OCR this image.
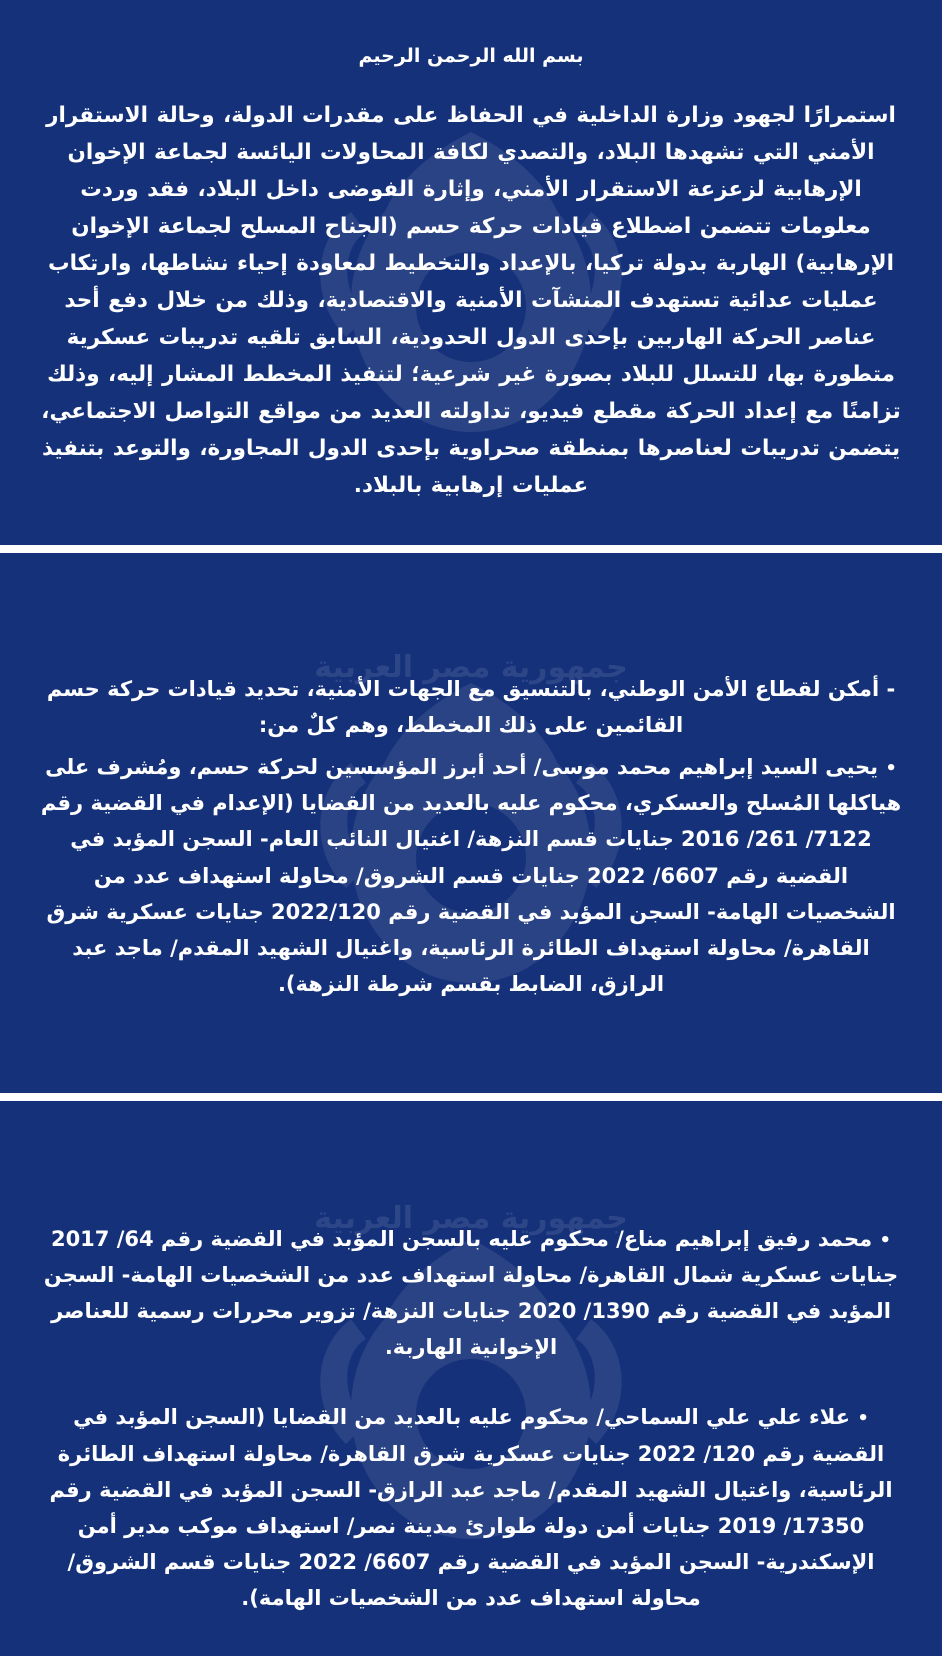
بسم الله الرحمن الرحيم

استمرارًا لجهود وزارة الداخلية في الحفاظ على مقدرات الدولة، وحالة الاستقرار الأمني التي تشهدها البلاد، والتصدي لكافة المحاولات اليائسة لجماعة الإخوان الإرهابية لزعزعة الاستقرار الأمني، وإثارة الفوضى داخل البلاد، فقد وردت معلومات تتضمن اضطلاع قيادات حركة حسم (الجناح المسلح لجماعة الإخوان الإرهابية) الهاربة بدولة تركيا، بالإعداد والتخطيط لمعاودة إحياء نشاطها، وارتكاب عمليات عدائية تستهدف المنشآت الأمنية والاقتصادية، وذلك من خلال دفع أحد عناصر الحركة الهاربين بإحدى الدول الحدودية، السابق تلقيه تدريبات عسكرية متطورة بها، للتسلل للبلاد بصورة غير شرعية؛ لتنفيذ المخطط المشار إليه، وذلك تزامنًا مع إعداد الحركة مقطع فيديو، تداولته العديد من مواقع التواصل الاجتماعي، يتضمن تدريبات لعناصرها بمنطقة صحراوية بإحدى الدول المجاورة، والتوعد بتنفيذ عمليات إرهابية بالبلاد.

جمهورية مصر العربية

- أمكن لقطاع الأمن الوطني، بالتنسيق مع الجهات الأمنية، تحديد قيادات حركة حسم القائمين على ذلك المخطط، وهم كلٌ من:

• يحيى السيد إبراهيم محمد موسى/ أحد أبرز المؤسسين لحركة حسم، ومُشرف على هياكلها المُسلح والعسكري، محكوم عليه بالعديد من القضايا (الإعدام في القضية رقم 7122/ 261/ 2016 جنايات قسم النزهة/ اغتيال النائب العام- السجن المؤبد في القضية رقم 6607/ 2022 جنايات قسم الشروق/ محاولة استهداف عدد من الشخصيات الهامة- السجن المؤبد في القضية رقم 2022/120 جنايات عسكرية شرق القاهرة/ محاولة استهداف الطائرة الرئاسية، واغتيال الشهيد المقدم/ ماجد عبد الرازق، الضابط بقسم شرطة النزهة).

جمهورية مصر العربية

• محمد رفيق إبراهيم مناع/ محكوم عليه بالسجن المؤبد في القضية رقم 64/ 2017 جنايات عسكرية شمال القاهرة/ محاولة استهداف عدد من الشخصيات الهامة- السجن المؤبد في القضية رقم 1390/ 2020 جنايات النزهة/ تزوير محررات رسمية للعناصر الإخوانية الهاربة.

• علاء علي علي السماحي/ محكوم عليه بالعديد من القضايا (السجن المؤبد في القضية رقم 120/ 2022 جنايات عسكرية شرق القاهرة/ محاولة استهداف الطائرة الرئاسية، واغتيال الشهيد المقدم/ ماجد عبد الرازق- السجن المؤبد في القضية رقم 17350/ 2019 جنايات أمن دولة طوارئ مدينة نصر/ استهداف موكب مدير أمن الإسكندرية- السجن المؤبد في القضية رقم 6607/ 2022 جنايات قسم الشروق/ محاولة استهداف عدد من الشخصيات الهامة).
